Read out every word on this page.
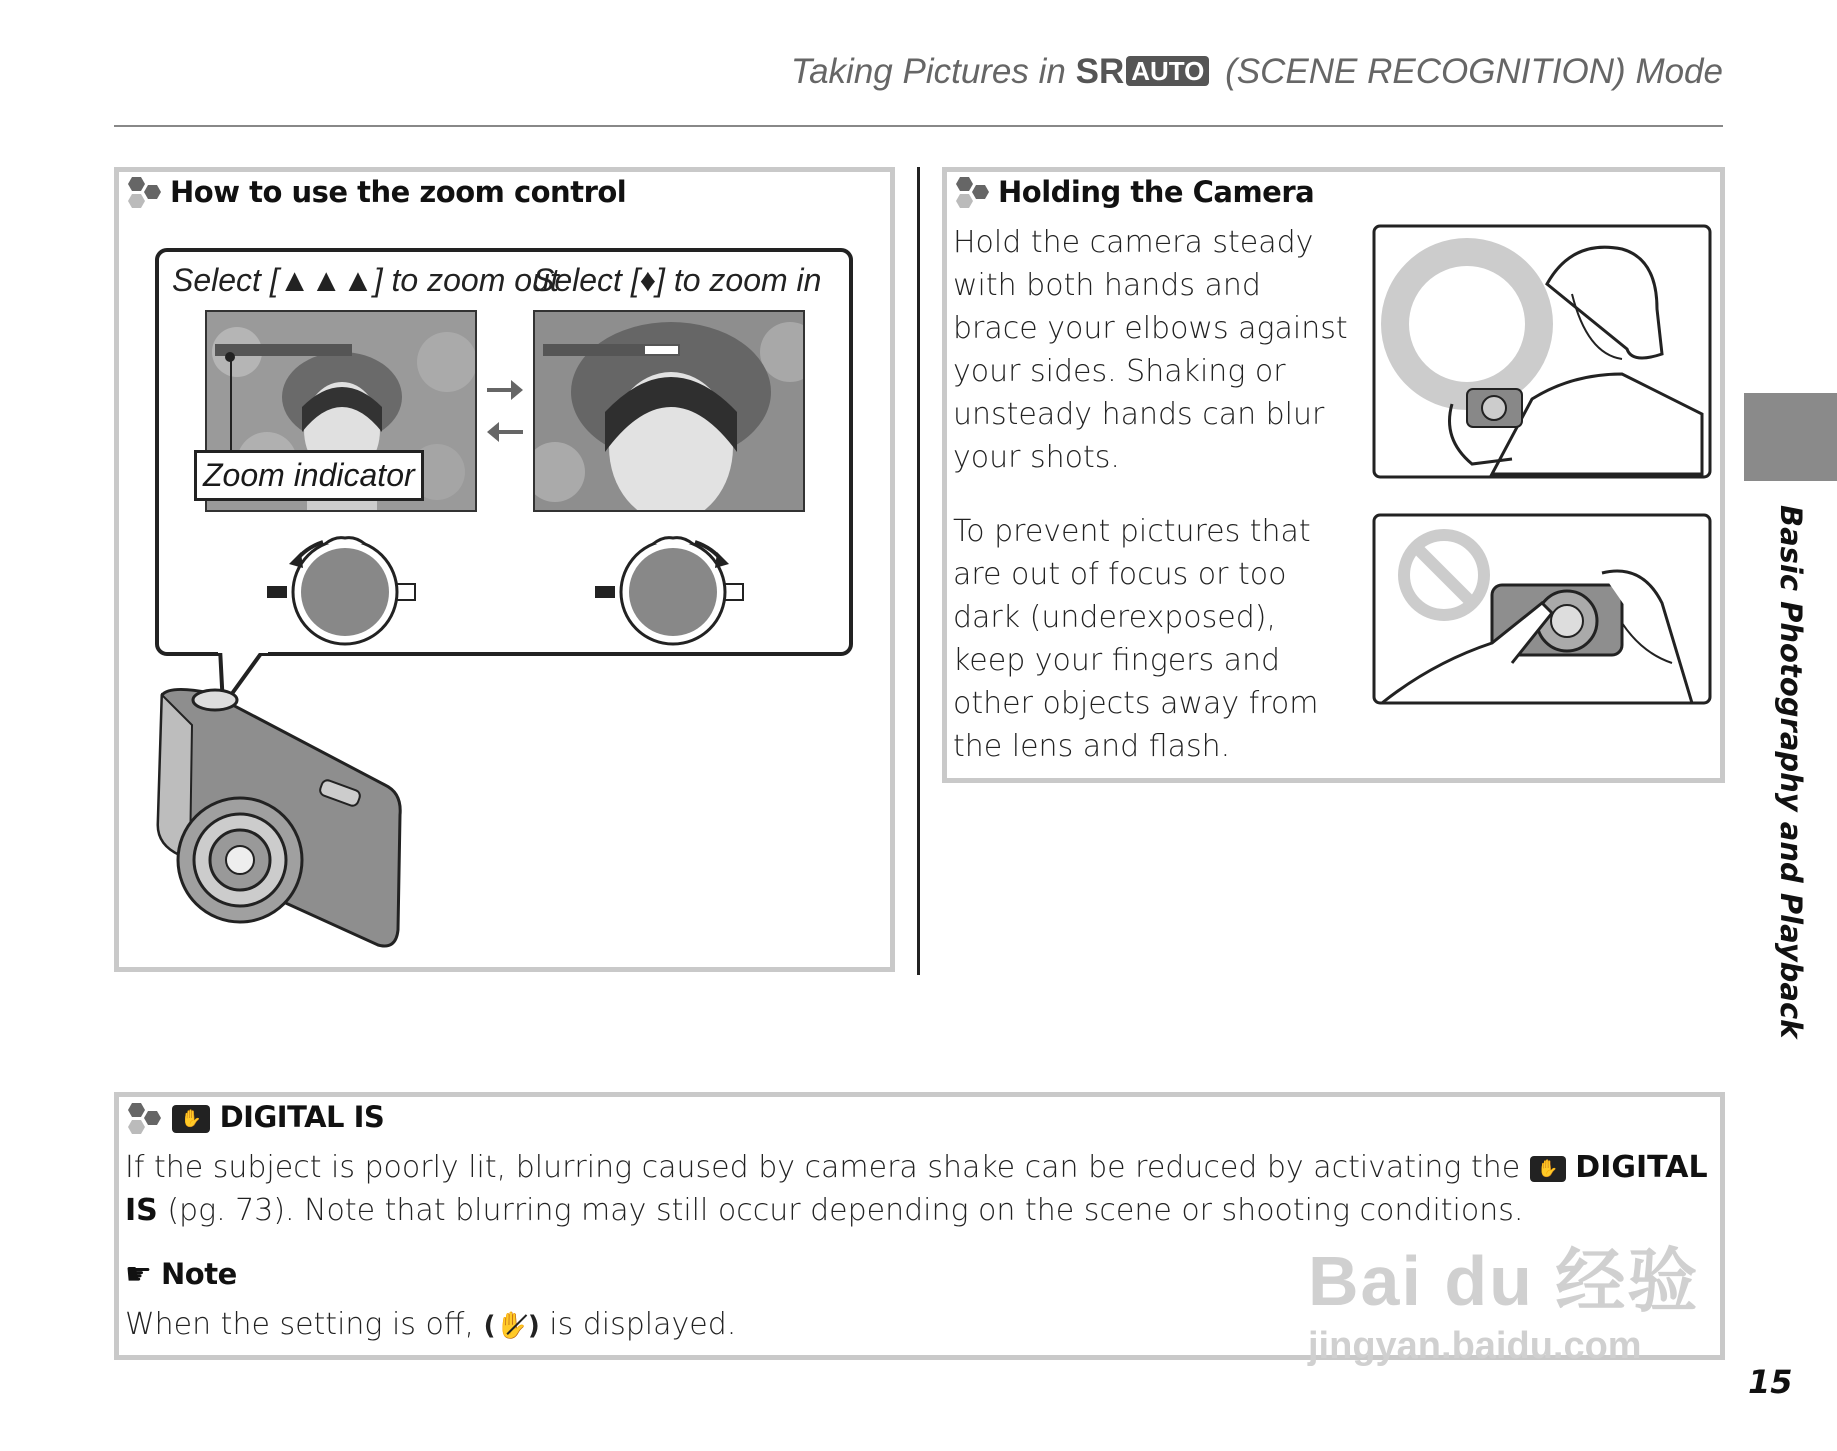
Taking Pictures in SR AUTO (SCENE RECOGNITION) Mode
How to use the zoom control
Select [▲▲▲] to zoom out
Select [♦] to zoom in
Zoom indicator
Holding the Camera
Hold the camera steady with both hands and brace your elbows against your sides. Shaking or unsteady hands can blur your shots.
To prevent pictures that are out of focus or too dark (underexposed), keep your fingers and other objects away from the lens and flash.	Basic Photography and Playback
✋ DIGITAL IS
If the subject is poorly lit, blurring caused by camera shake can be reduced by activating the ✋ DIGITAL IS (pg. 73). Note that blurring may still occur depending on the scene or shooting conditions.
☛ Note
When the setting is off, (✋̸) is displayed.
Bai du 经验
jingyan.baidu.com
15
